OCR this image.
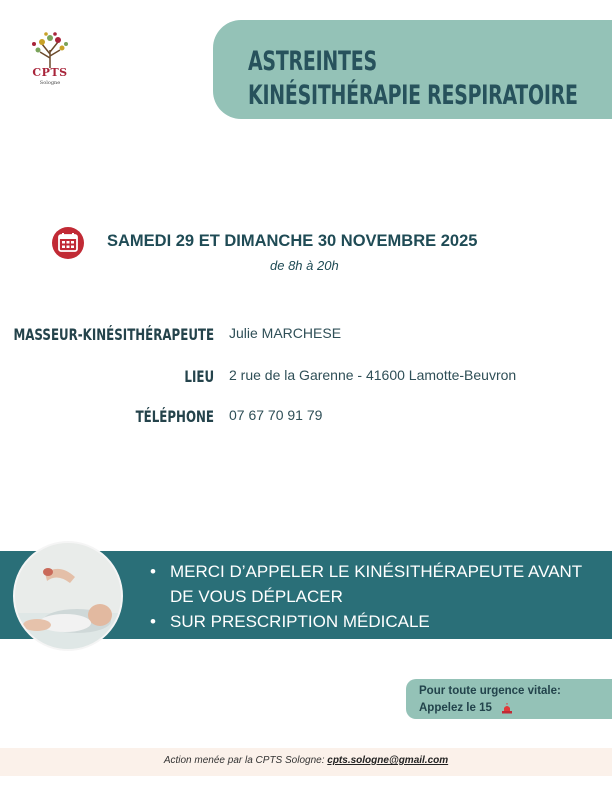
CPTS
Sologne
ASTREINTES
KINÉSITHÉRAPIE RESPIRATOIRE
SAMEDI 29 ET DIMANCHE 30 NOVEMBRE 2025
de 8h à 20h
MASSEUR-KINÉSITHÉRAPEUTE Julie MARCHESE
LIEU 2 rue de la Garenne - 41600 Lamotte-Beuvron
TÉLÉPHONE 07 67 70 91 79
• MERCI D’APPELER LE KINÉSITHÉRAPEUTE AVANT DE VOUS DÉPLACER
• SUR PRESCRIPTION MÉDICALE
Pour toute urgence vitale:
Appelez le 15
Action menée par la CPTS Sologne: cpts.sologne@gmail.com
